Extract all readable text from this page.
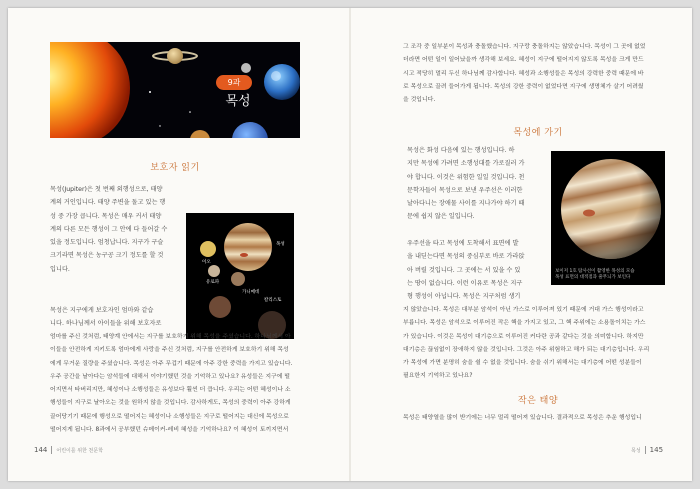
9과
목성
보호자 읽기
목성(Jupiter)은 첫 번째 외행성으로, 태양
계의 거인입니다. 태양 주변을 돌고 있는 행
성 중 가장 큽니다. 목성은 매우 커서 태양
계의 다른 모든 행성이 그 안에 다 들어갈 수
있을 정도입니다. 엄청납니다. 지구가 구슬
크기라면 목성은 농구공 크기 정도를 할 것
입니다.
목성
이오
유로파
가니메데
칼리스토
목성은 지구에게 보호자인 엄마와 같습
니다. 하나님께서 아이들을 위해 보호자로
엄마를 주신 것처럼, 태양계 안에서는 지구를 보호하기 위해 목성을 주셨습니다. 하나님께서 아
이들을 안전하게 지키도록 엄마에게 사랑을 주신 것처럼, 지구를 안전하게 보호하기 위해 목성
에게 무거운 질량을 주셨습니다. 목성은 아주 무겁기 때문에 아주 강한 중력을 가지고 있습니다.
우주 공간을 날아다는 암석들에 대해서 이야기했던 것을 기억하고 있나요? 유성들은 지구에 떨
어지면서 타버리지만, 혜성이나 소행성들은 유성보다 훨씬 더 큽니다. 우리는 어떤 혜성이나 소
행성들이 지구로 날아오는 것을 원하지 않을 것입니다. 감사하게도, 목성의 중력이 아주 강하게
끌어당기기 때문에 행성으로 떨어지는 혜성이나 소행성들은 지구로 떨어지는 대신에 목성으로
떨어지게 됩니다. 8과에서 공부했던 슈메이커-레비 혜성을 기억하나요? 이 혜성이 토끼지면서
144 어린이를 위한 천문학
그 조각 중 일부분이 목성과 충돌했습니다. 지구랑 충돌하지는 않았습니다. 목성이 그 곳에 없었
더라면 어떤 일이 일어났을까 생각해 보세요. 혜성이 지구에 떨어지지 않도록 목성을 크게 만드
시고 적당히 멀리 두신 하나님께 감사합니다. 혜성과 소행성들은 목성의 강력한 중력 때문에 바
로 목성으로 끌려 들어가게 됩니다. 목성의 강한 중력이 없었다면 지구에 생명체가 살기 어려웠
을 것입니다.
목성에 가기
목성은 화성 다음에 있는 행성입니다. 하
지만 목성에 가려면 소행성대를 가로질러 가
야 합니다. 이것은 위험한 일일 것입니다. 천
문학자들이 목성으로 보낸 우주선은 이러한
날아다니는 장애물 사이를 지나가야 하기 때
문에 쉽지 않은 일입니다.

우주선을 타고 목성에 도착해서 표면에 발
을 내딛는다면 목성의 중심부로 바로 가라앉
아 버릴 것입니다. 그 곳에는 서 있을 수 있
는 땅이 없습니다. 이런 이유로 목성은 지구
형 행성이 아닙니다. 목성은 지구처럼 생기
보이저 1호 탐사선이 촬영한 목성의 모습
목성 표면의 대적점과 줄무늬가 보인다
지 않았습니다. 목성은 대부분 암석이 아닌 가스로 이루어져 있기 때문에 거대 가스 행성이라고
부릅니다. 목성은 암석으로 이루어진 작은 핵을 가지고 있고, 그 핵 주위에는 소용돌이치는 가스
가 있습니다. 이것은 목성이 대기층으로 이루어진 커다란 공과 같다는 것을 의미합니다. 하지만
대기층은 끊임없이 장애하지 않을 것입니다. 그것은 아주 위험하고 해가 되는 대기층입니다. 우리
가 목성에 가면 분명히 숨을 쉴 수 없을 것입니다. 숨을 쉬기 위해서는 대기층에 어떤 성분들이
필요한지 기억하고 있나요?
작은 태양
목성은 태양열을 많이 받기에는 너무 멀리 떨어져 있습니다. 결과적으로 목성은 추운 행성입니
목성 145
